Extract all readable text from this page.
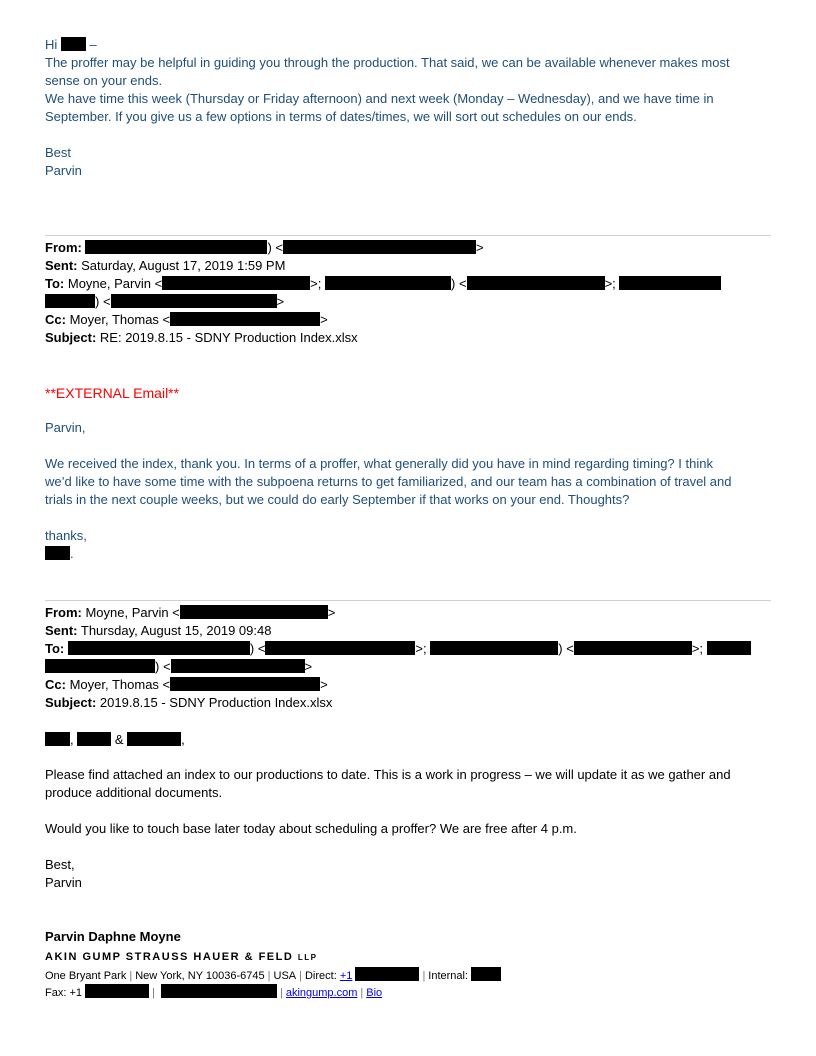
Hi –
The proffer may be helpful in guiding you through the production. That said, we can be available whenever makes most
sense on your ends.
We have time this week (Thursday or Friday afternoon) and next week (Monday – Wednesday), and we have time in
September. If you give us a few options in terms of dates/times, we will sort out schedules on our ends.
Best
Parvin
From:	) <	>
Sent: Saturday, August 17, 2019 1:59 PM
To: Moyne, Parvin <	>;	) <	>;
) <	>
Cc: Moyer, Thomas <	>
Subject: RE: 2019.8.15 - SDNY Production Index.xlsx
**EXTERNAL Email**
Parvin,
We received the index, thank you. In terms of a proffer, what generally did you have in mind regarding timing? I think
we’d like to have some time with the subpoena returns to get familiarized, and our team has a combination of travel and
trials in the next couple weeks, but we could do early September if that works on your end. Thoughts?
thanks,
.
From: Moyne, Parvin <	>
Sent: Thursday, August 15, 2019 09:48
To:	) <	>;	) <	>;
) <	>
Cc: Moyer, Thomas <	>
Subject: 2019.8.15 - SDNY Production Index.xlsx
,	&	,
Please find attached an index to our productions to date. This is a work in progress – we will update it as we gather and
produce additional documents.
Would you like to touch base later today about scheduling a proffer? We are free after 4 p.m.
Best,
Parvin
Parvin Daphne Moyne
AKIN GUMP STRAUSS HAUER & FELD LLP
One Bryant Park | New York, NY 10036-6745 | USA | Direct: +1	| Internal:
Fax: +1	|	| akingump.com | Bio
